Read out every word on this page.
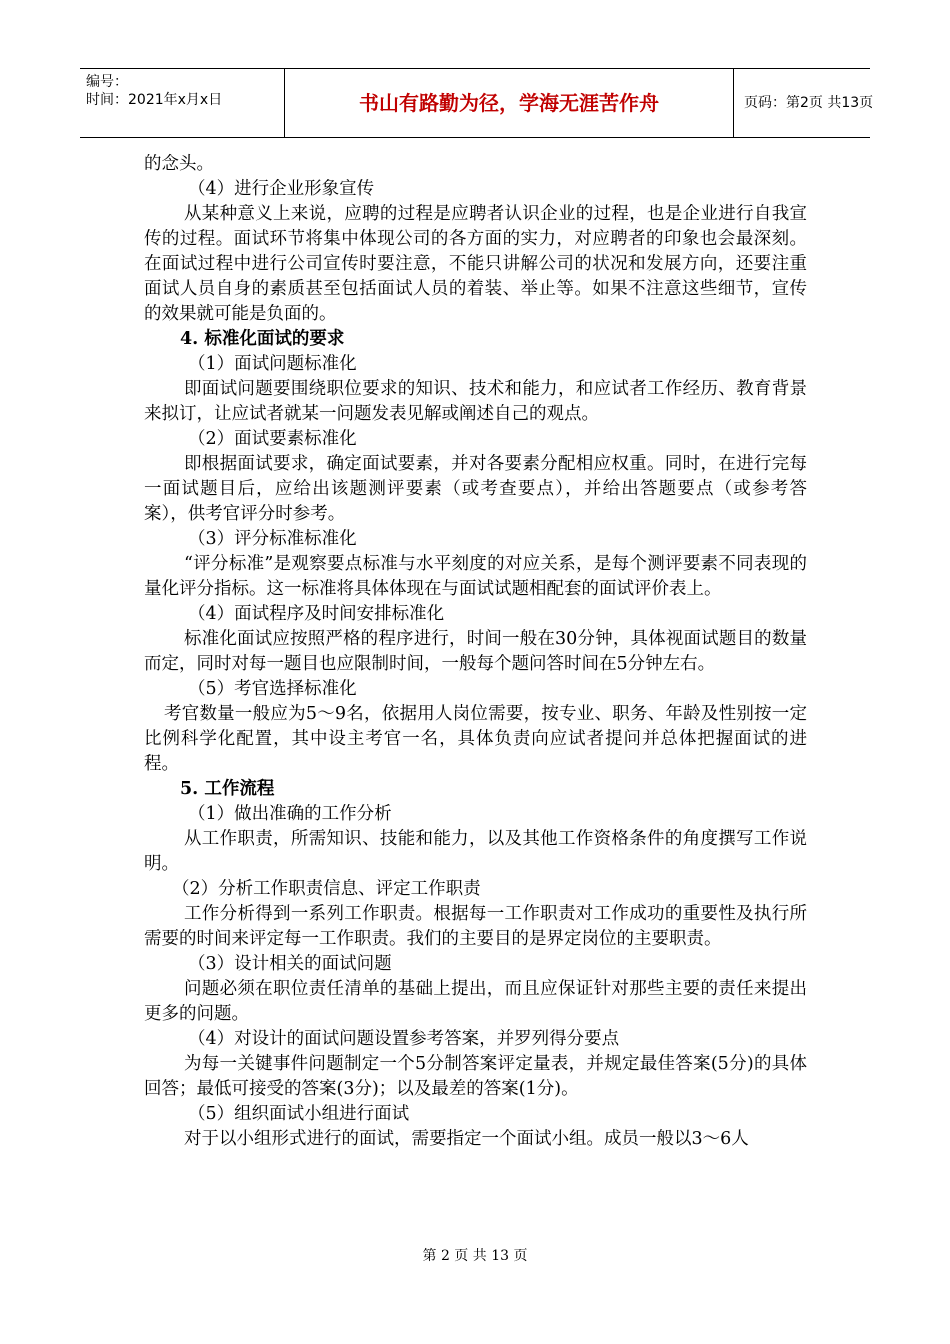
编号：
时间：2021年x月x日	书山有路勤为径，学海无涯苦作舟	页码：第2页 共13页

的念头。

（4）进行企业形象宣传

从某种意义上来说，应聘的过程是应聘者认识企业的过程，也是企业进行自我宣传的过程。面试环节将集中体现公司的各方面的实力，对应聘者的印象也会最深刻。在面试过程中进行公司宣传时要注意，不能只讲解公司的状况和发展方向，还要注重面试人员自身的素质甚至包括面试人员的着装、举止等。如果不注意这些细节，宣传的效果就可能是负面的。

4. 标准化面试的要求

（1）面试问题标准化

即面试问题要围绕职位要求的知识、技术和能力，和应试者工作经历、教育背景来拟订，让应试者就某一问题发表见解或阐述自己的观点。

（2）面试要素标准化

即根据面试要求，确定面试要素，并对各要素分配相应权重。同时，在进行完每一面试题目后，应给出该题测评要素（或考查要点），并给出答题要点（或参考答案），供考官评分时参考。

（3）评分标准标准化

“评分标准”是观察要点标准与水平刻度的对应关系，是每个测评要素不同表现的量化评分指标。这一标准将具体体现在与面试试题相配套的面试评价表上。

（4）面试程序及时间安排标准化

标准化面试应按照严格的程序进行，时间一般在30分钟，具体视面试题目的数量而定，同时对每一题目也应限制时间，一般每个题问答时间在5分钟左右。

（5）考官选择标准化

考官数量一般应为5～9名，依据用人岗位需要，按专业、职务、年龄及性别按一定比例科学化配置，其中设主考官一名，具体负责向应试者提问并总体把握面试的进程。

5. 工作流程

（1）做出准确的工作分析

从工作职责，所需知识、技能和能力，以及其他工作资格条件的角度撰写工作说明。

（2）分析工作职责信息、评定工作职责

工作分析得到一系列工作职责。根据每一工作职责对工作成功的重要性及执行所需要的时间来评定每一工作职责。我们的主要目的是界定岗位的主要职责。

（3）设计相关的面试问题

问题必须在职位责任清单的基础上提出，而且应保证针对那些主要的责任来提出更多的问题。

（4）对设计的面试问题设置参考答案，并罗列得分要点

为每一关键事件问题制定一个5分制答案评定量表，并规定最佳答案(5分)的具体回答；最低可接受的答案(3分)；以及最差的答案(1分)。

（5）组织面试小组进行面试

对于以小组形式进行的面试，需要指定一个面试小组。成员一般以3～6人

第 2 页 共 13 页
